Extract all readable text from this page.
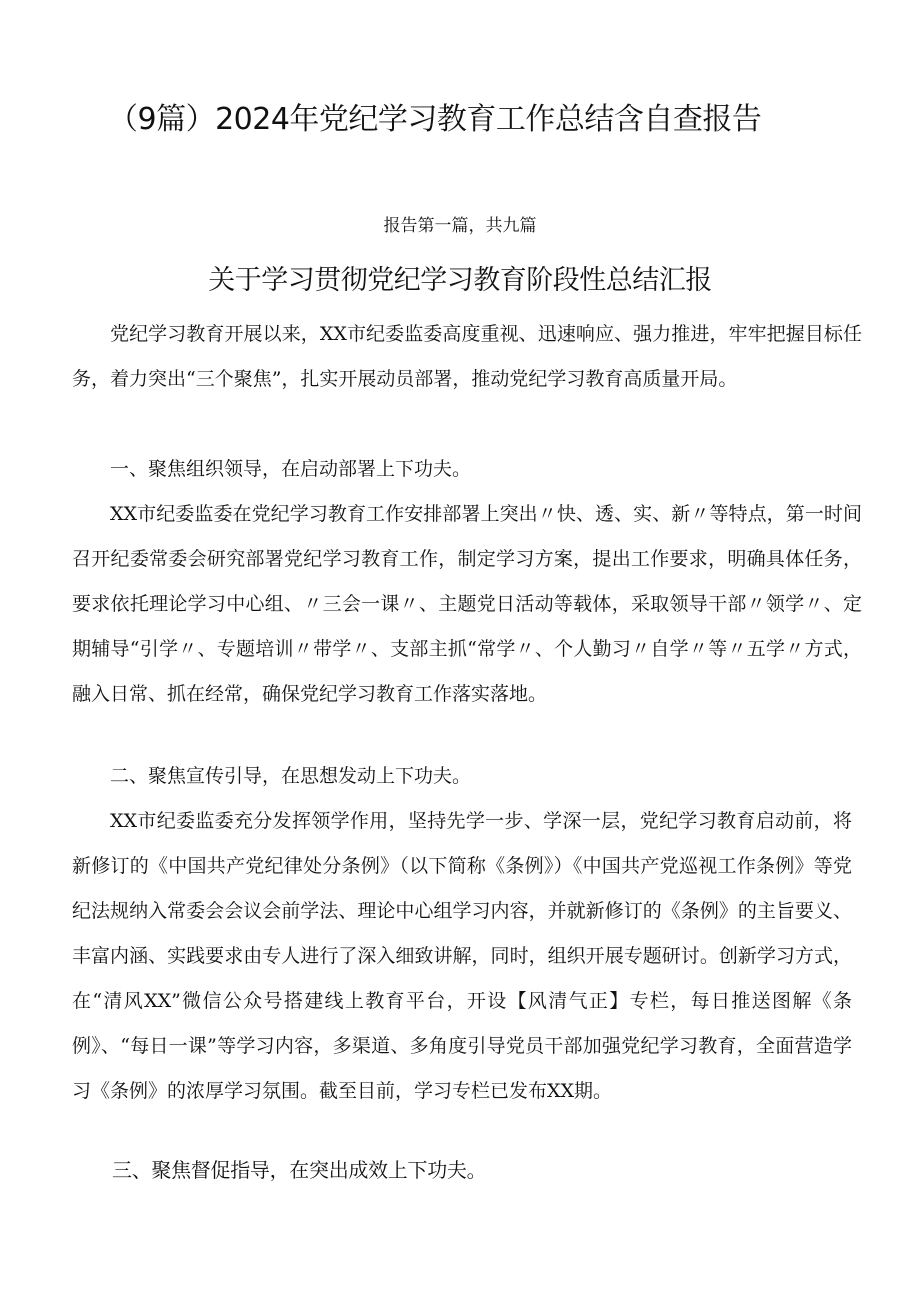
（9篇）2024年党纪学习教育工作总结含自查报告
报告第一篇，共九篇
关于学习贯彻党纪学习教育阶段性总结汇报

党纪学习教育开展以来，XX市纪委监委高度重视、迅速响应、强力推进，牢牢把握目标任务，着力突出“三个聚焦”，扎实开展动员部署，推动党纪学习教育高质量开局。

一、聚焦组织领导，在启动部署上下功夫。

XX市纪委监委在党纪学习教育工作安排部署上突出〃快、透、实、新〃等特点，第一时间召开纪委常委会研究部署党纪学习教育工作，制定学习方案，提出工作要求，明确具体任务，要求依托理论学习中心组、〃三会一课〃、主题党日活动等载体，采取领导干部〃领学〃、定期辅导“引学〃、专题培训〃带学〃、支部主抓“常学〃、个人勤习〃自学〃等〃五学〃方式，融入日常、抓在经常，确保党纪学习教育工作落实落地。

二、聚焦宣传引导，在思想发动上下功夫。

XX市纪委监委充分发挥领学作用，坚持先学一步、学深一层，党纪学习教育启动前，将新修订的《中国共产党纪律处分条例》（以下简称《条例》）《中国共产党巡视工作条例》等党纪法规纳入常委会会议会前学法、理论中心组学习内容，并就新修订的《条例》的主旨要义、丰富内涵、实践要求由专人进行了深入细致讲解，同时，组织开展专题研讨。创新学习方式，在“清风XX”微信公众号搭建线上教育平台，开设【风清气正】专栏，每日推送图解《条例》、“每日一课”等学习内容，多渠道、多角度引导党员干部加强党纪学习教育，全面营造学习《条例》的浓厚学习氛围。截至目前，学习专栏已发布XX期。

三、聚焦督促指导，在突出成效上下功夫。
